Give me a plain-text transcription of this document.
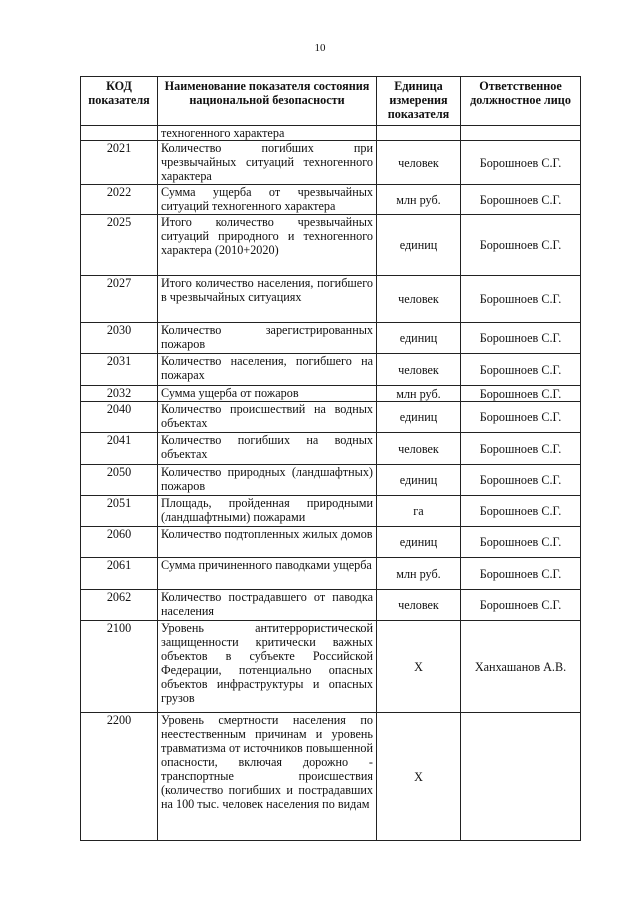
10
КОД показателя	Наименование показателя состояния национальной безопасности	Единица измерения показателя	Ответственное должностное лицо
	техногенного характера		
2021	Количество погибших при чрезвычайных ситуаций техногенного характера	человек	Борошноев С.Г.
2022	Сумма ущерба от чрезвычайных ситуаций техногенного характера	млн руб.	Борошноев С.Г.
2025	Итого количество чрезвычайных ситуаций природного и техногенного характера (2010+2020)	единиц	Борошноев С.Г.
2027	Итого количество населения, погибшего в чрезвычайных ситуациях	человек	Борошноев С.Г.
2030	Количество зарегистрированных пожаров	единиц	Борошноев С.Г.
2031	Количество населения, погибшего на пожарах	человек	Борошноев С.Г.
2032	Сумма ущерба от пожаров	млн руб.	Борошноев С.Г.
2040	Количество происшествий на водных объектах	единиц	Борошноев С.Г.
2041	Количество погибших на водных объектах	человек	Борошноев С.Г.
2050	Количество природных (ландшафтных) пожаров	единиц	Борошноев С.Г.
2051	Площадь, пройденная природными (ландшафтными) пожарами	га	Борошноев С.Г.
2060	Количество подтопленных жилых домов	единиц	Борошноев С.Г.
2061	Сумма причиненного паводками ущерба	млн руб.	Борошноев С.Г.
2062	Количество пострадавшего от паводка населения	человек	Борошноев С.Г.
2100	Уровень антитеррористической защищенности критически важных объектов в субъекте Российской Федерации, потенциально опасных объектов инфраструктуры и опасных грузов	Х	Ханхашанов А.В.
2200	Уровень смертности населения по неестественным причинам и уровень травматизма от источников повышенной опасности, включая дорожно - транспортные происшествия (количество погибших и пострадавших на 100 тыс. человек населения по видам	Х	
